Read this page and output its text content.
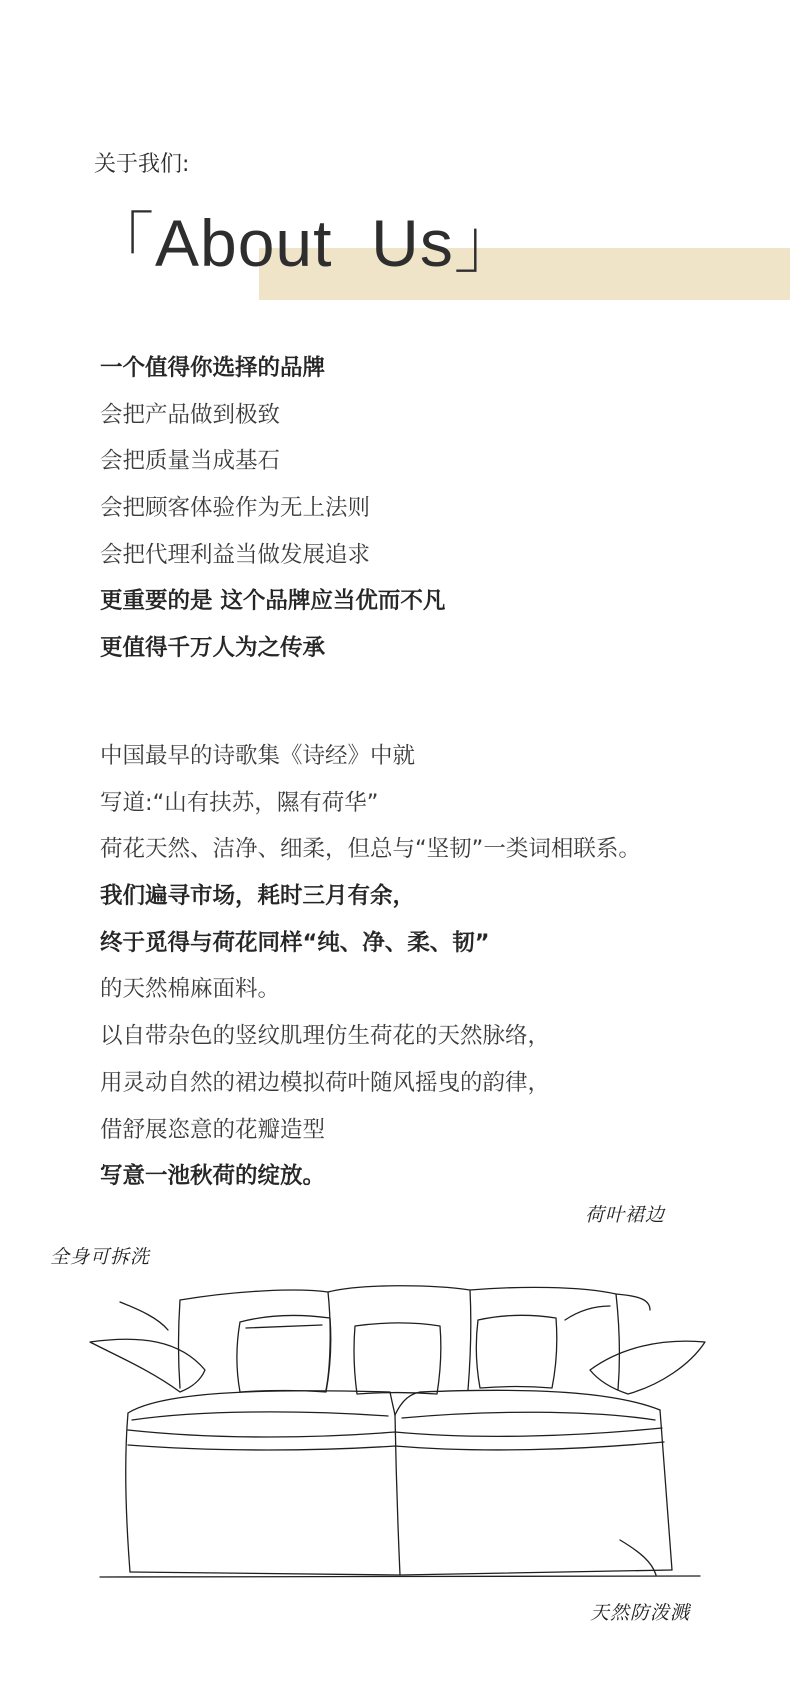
关于我们:
「About  Us」

一个值得你选择的品牌

会把产品做到极致

会把质量当成基石

会把顾客体验作为无上法则

会把代理利益当做发展追求

更重要的是 这个品牌应当优而不凡

更值得千万人为之传承

中国最早的诗歌集《诗经》中就

写道:“山有扶苏，隰有荷华”

荷花天然、洁净、细柔，但总与“坚韧”一类词相联系。

我们遍寻市场，耗时三月有余，

终于觅得与荷花同样“纯、净、柔、韧”

的天然棉麻面料。

以自带杂色的竖纹肌理仿生荷花的天然脉络，

用灵动自然的裙边模拟荷叶随风摇曳的韵律，

借舒展恣意的花瓣造型

写意一池秋荷的绽放。

全身可拆洗
荷叶裙边
天然防泼溅
